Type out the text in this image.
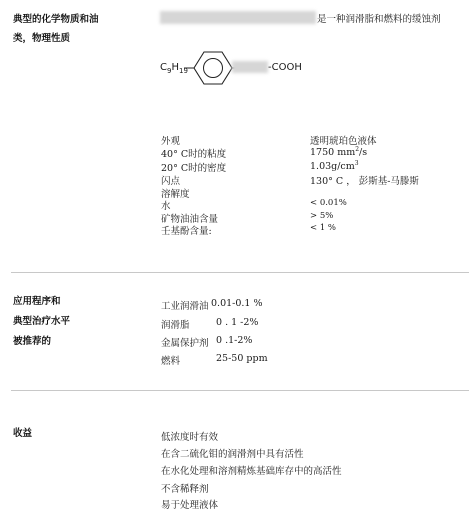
典型的化学物质和油类，物理性质
是一种润滑脂和燃料的缓蚀剂
$C_9H_{19}$	-COOH
外观	透明琥珀色液体
40° C时的粘度	1750 $mm^2/s$
20° C时的密度	$1.03g/cm^3$
闪点	130° C ， 彭斯基-马滕斯
溶解度
水	< 0.01%
矿物油油含量	> 5%
壬基酚含量:	< 1 %
应用程序和
典型治疗水平
被推荐的
工业润滑油 0.01-0.1 %
润滑脂	0 . 1 -2%
金属保护剂 0 .1-2%
燃料	25-50 ppm
收益	低浓度时有效
在含二硫化钼的润滑剂中具有活性
在水化处理和溶剂精炼基础库存中的高活性
不含稀释剂
易于处理液体
